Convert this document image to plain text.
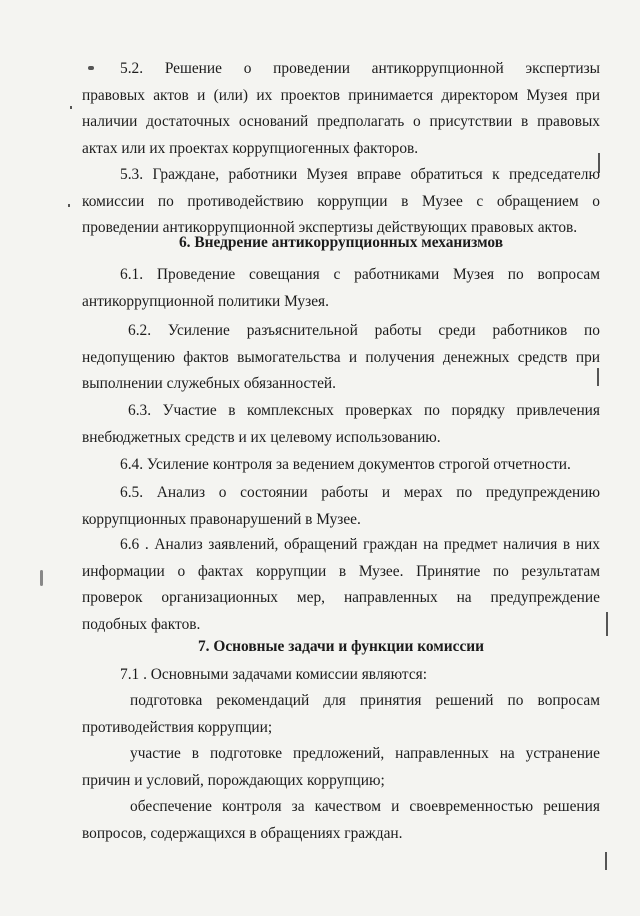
5.2. Решение о проведении антикоррупционной экспертизы
правовых актов и (или) их проектов принимается директором Музея при
наличии достаточных оснований предполагать о присутствии в правовых
актах или их проектах коррупциогенных факторов.
5.3. Граждане, работники Музея вправе обратиться к председателю
комиссии по противодействию коррупции в Музее с обращением о
проведении антикоррупционной экспертизы действующих правовых актов.
6. Внедрение антикоррупционных механизмов
6.1. Проведение совещания с работниками Музея по вопросам
антикоррупционной политики Музея.
6.2. Усиление разъяснительной работы среди работников по
недопущению фактов вымогательства и получения денежных средств при
выполнении служебных обязанностей.
6.3. Участие в комплексных проверках по порядку привлечения
внебюджетных средств и их целевому использованию.
6.4. Усиление контроля за ведением документов строгой отчетности.
6.5. Анализ о состоянии работы и мерах по предупреждению
коррупционных правонарушений в Музее.
6.6 . Анализ заявлений, обращений граждан на предмет наличия в них
информации о фактах коррупции в Музее. Принятие по результатам
проверок организационных мер, направленных на предупреждение
подобных фактов.
7. Основные задачи и функции комиссии
7.1 . Основными задачами комиссии являются:
подготовка рекомендаций для принятия решений по вопросам
противодействия коррупции;
участие в подготовке предложений, направленных на устранение
причин и условий, порождающих коррупцию;
обеспечение контроля за качеством и своевременностью решения
вопросов, содержащихся в обращениях граждан.
